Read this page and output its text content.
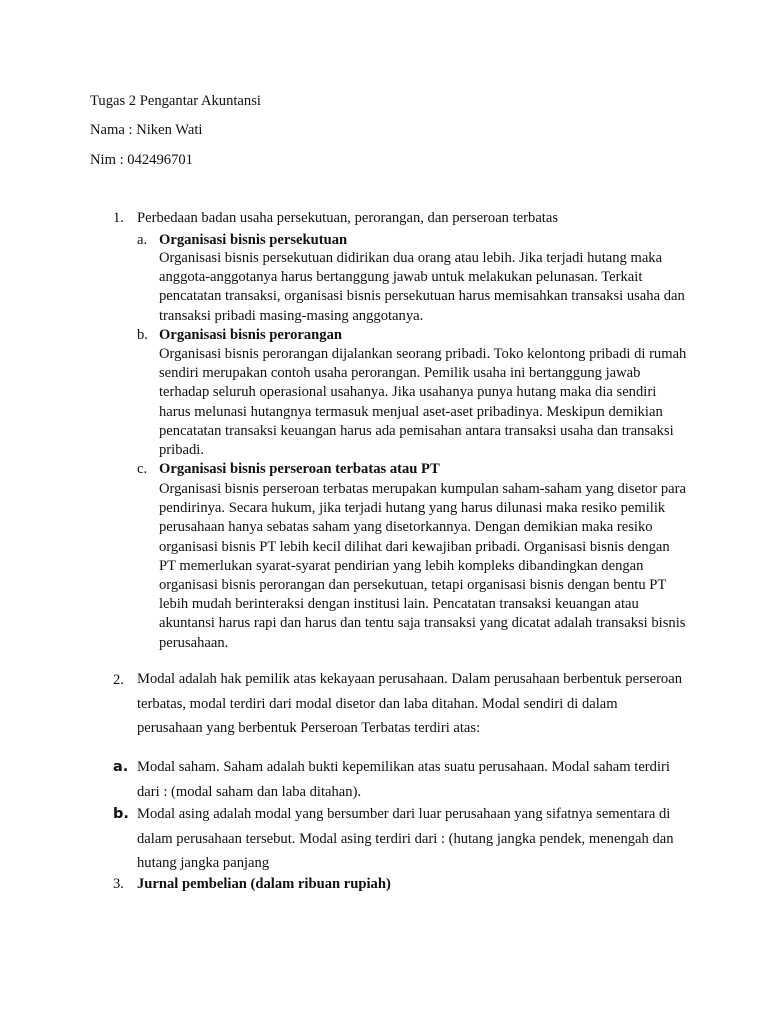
Tugas 2 Pengantar Akuntansi
Nama : Niken Wati
Nim : 042496701
1. Perbedaan badan usaha persekutuan, perorangan, dan perseroan terbatas
a. Organisasi bisnis persekutuan

Organisasi bisnis persekutuan didirikan dua orang atau lebih. Jika terjadi hutang maka anggota-anggotanya harus bertanggung jawab untuk melakukan pelunasan. Terkait pencatatan transaksi, organisasi bisnis persekutuan harus memisahkan transaksi usaha dan transaksi pribadi masing-masing anggotanya.

b. Organisasi bisnis perorangan

Organisasi bisnis perorangan dijalankan seorang pribadi. Toko kelontong pribadi di rumah sendiri merupakan contoh usaha perorangan. Pemilik usaha ini bertanggung jawab terhadap seluruh operasional usahanya. Jika usahanya punya hutang maka dia sendiri harus melunasi hutangnya termasuk menjual aset-aset pribadinya. Meskipun demikian pencatatan transaksi keuangan harus ada pemisahan antara transaksi usaha dan transaksi pribadi.

c. Organisasi bisnis perseroan terbatas atau PT

Organisasi bisnis perseroan terbatas merupakan kumpulan saham-saham yang disetor para pendirinya. Secara hukum, jika terjadi hutang yang harus dilunasi maka resiko pemilik perusahaan hanya sebatas saham yang disetorkannya. Dengan demikian maka resiko organisasi bisnis PT lebih kecil dilihat dari kewajiban pribadi. Organisasi bisnis dengan PT memerlukan syarat-syarat pendirian yang lebih kompleks dibandingkan dengan organisasi bisnis perorangan dan persekutuan, tetapi organisasi bisnis dengan bentu PT lebih mudah berinteraksi dengan institusi lain. Pencatatan transaksi keuangan atau akuntansi harus rapi dan harus dan tentu saja transaksi yang dicatat adalah transaksi bisnis perusahaan.

2. Modal adalah hak pemilik atas kekayaan perusahaan. Dalam perusahaan berbentuk perseroan terbatas, modal terdiri dari modal disetor dan laba ditahan. Modal sendiri di dalam perusahaan yang berbentuk Perseroan Terbatas terdiri atas:

a. Modal saham. Saham adalah bukti kepemilikan atas suatu perusahaan. Modal saham terdiri dari : (modal saham dan laba ditahan).

b. Modal asing adalah modal yang bersumber dari luar perusahaan yang sifatnya sementara di dalam perusahaan tersebut. Modal asing terdiri dari : (hutang jangka pendek, menengah dan hutang jangka panjang

3. Jurnal pembelian (dalam ribuan rupiah)
